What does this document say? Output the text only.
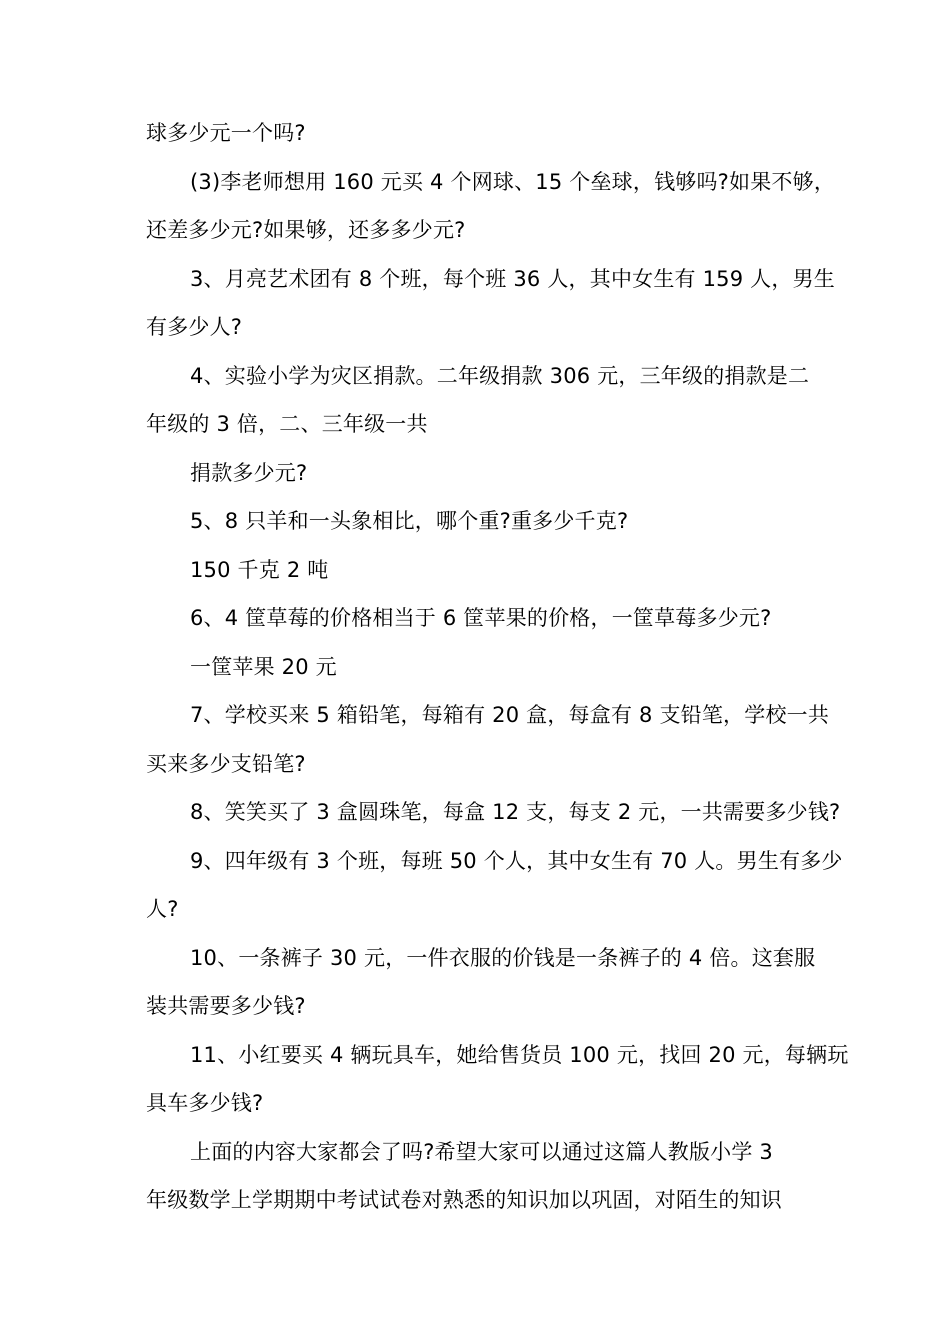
球多少元一个吗?
(3)李老师想用 160 元买 4 个网球、15 个垒球，钱够吗?如果不够，
还差多少元?如果够，还多多少元?
3、月亮艺术团有 8 个班，每个班 36 人，其中女生有 159 人，男生
有多少人?
4、实验小学为灾区捐款。二年级捐款 306 元，三年级的捐款是二
年级的 3 倍，二、三年级一共
捐款多少元?
5、8 只羊和一头象相比，哪个重?重多少千克?
150 千克 2 吨
6、4 筐草莓的价格相当于 6 筐苹果的价格，一筐草莓多少元?
一筐苹果 20 元
7、学校买来 5 箱铅笔，每箱有 20 盒，每盒有 8 支铅笔，学校一共
买来多少支铅笔?
8、笑笑买了 3 盒圆珠笔，每盒 12 支，每支 2 元，一共需要多少钱?
9、四年级有 3 个班，每班 50 个人，其中女生有 70 人。男生有多少
人?
10、一条裤子 30 元，一件衣服的价钱是一条裤子的 4 倍。这套服
装共需要多少钱?
11、小红要买 4 辆玩具车，她给售货员 100 元，找回 20 元，每辆玩
具车多少钱?
上面的内容大家都会了吗?希望大家可以通过这篇人教版小学 3
年级数学上学期期中考试试卷对熟悉的知识加以巩固，对陌生的知识
